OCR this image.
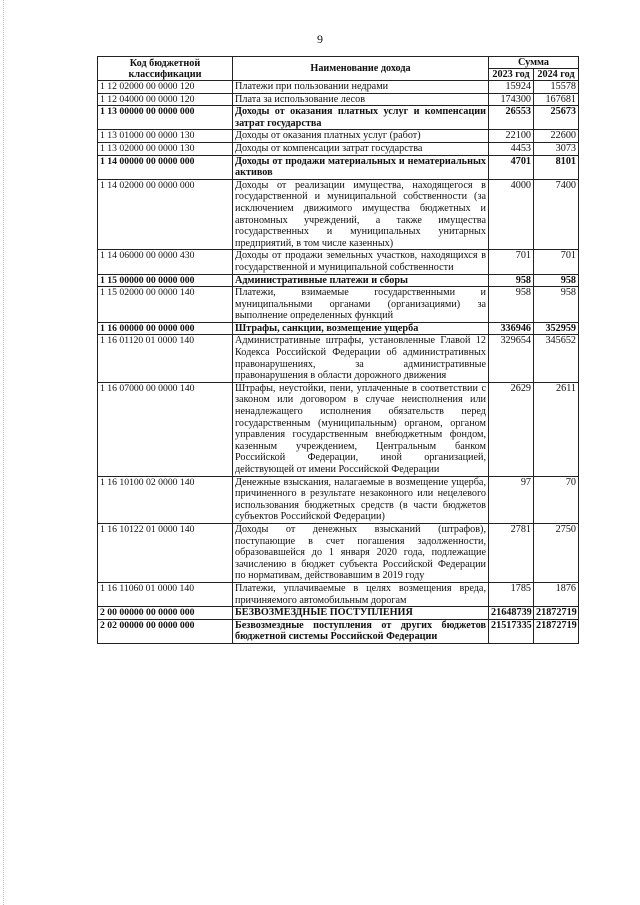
9
Код бюджетной классификации	Наименование дохода	Сумма	
		2023 год	2024 год
1 12 02000 00 0000 120	Платежи при пользовании недрами	15924	15578
1 12 04000 00 0000 120	Плата за использование лесов	174300	167681
1 13 00000 00 0000 000	Доходы от оказания платных услуг и компенсации затрат государства	26553	25673
1 13 01000 00 0000 130	Доходы от оказания платных услуг (работ)	22100	22600
1 13 02000 00 0000 130	Доходы от компенсации затрат государства	4453	3073
1 14 00000 00 0000 000	Доходы от продажи материальных и нематериальных активов	4701	8101
1 14 02000 00 0000 000	Доходы от реализации имущества, находящегося в государственной и муниципальной собственности (за исключением движимого имущества бюджетных и автономных учреждений, а также имущества государственных и муниципальных унитарных предприятий, в том числе казенных)	4000	7400
1 14 06000 00 0000 430	Доходы от продажи земельных участков, находящихся в государственной и муниципальной собственности	701	701
1 15 00000 00 0000 000	Административные платежи и сборы	958	958
1 15 02000 00 0000 140	Платежи, взимаемые государственными и муниципальными органами (организациями) за выполнение определенных функций	958	958
1 16 00000 00 0000 000	Штрафы, санкции, возмещение ущерба	336946	352959
1 16 01120 01 0000 140	Административные штрафы, установленные Главой 12 Кодекса Российской Федерации об административных правонарушениях, за административные правонарушения в области дорожного движения	329654	345652
1 16 07000 00 0000 140	Штрафы, неустойки, пени, уплаченные в соответствии с законом или договором в случае неисполнения или ненадлежащего исполнения обязательств перед государственным (муниципальным) органом, органом управления государственным внебюджетным фондом, казенным учреждением, Центральным банком Российской Федерации, иной организацией, действующей от имени Российской Федерации	2629	2611
1 16 10100 02 0000 140	Денежные взыскания, налагаемые в возмещение ущерба, причиненного в результате незаконного или нецелевого использования бюджетных средств (в части бюджетов субъектов Российской Федерации)	97	70
1 16 10122 01 0000 140	Доходы от денежных взысканий (штрафов), поступающие в счет погашения задолженности, образовавшейся до 1 января 2020 года, подлежащие зачислению в бюджет субъекта Российской Федерации по нормативам, действовавшим в 2019 году	2781	2750
1 16 11060 01 0000 140	Платежи, уплачиваемые в целях возмещения вреда, причиняемого автомобильным дорогам	1785	1876
2 00 00000 00 0000 000	БЕЗВОЗМЕЗДНЫЕ ПОСТУПЛЕНИЯ	21648739	21872719
2 02 00000 00 0000 000	Безвозмездные поступления от других бюджетов бюджетной системы Российской Федерации	21517335	21872719
